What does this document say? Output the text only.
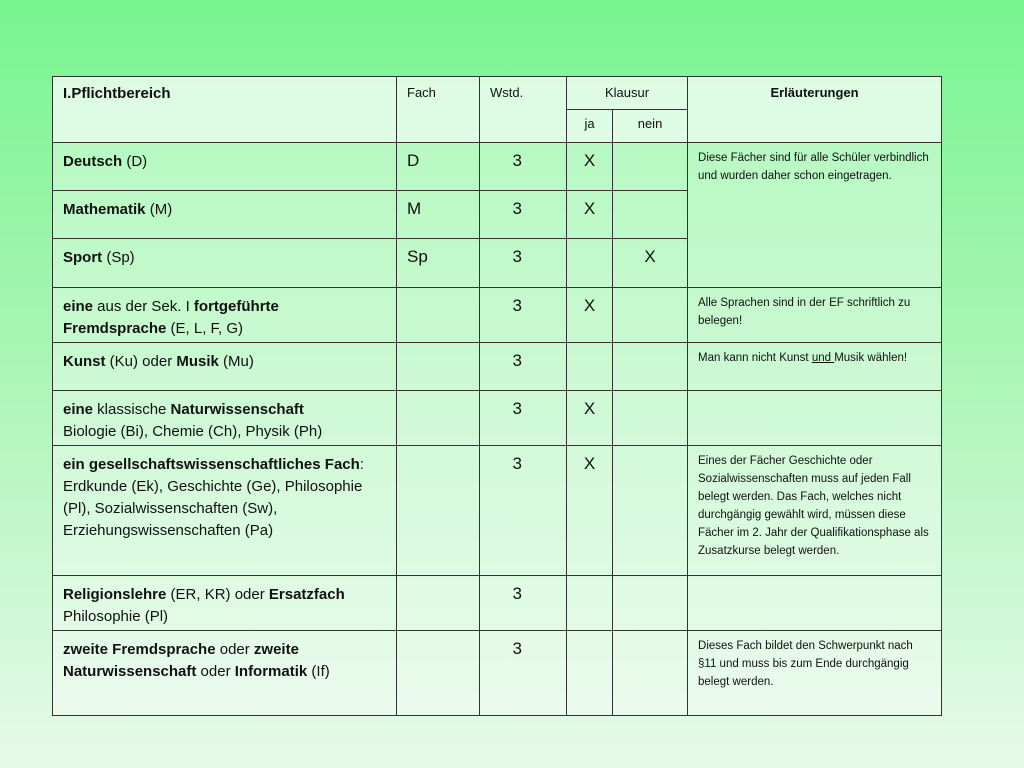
I.Pflichtbereich	Fach	Wstd.	Klausur		Erläuterungen
			ja	nein	
Deutsch (D)	D	3	X		Diese Fächer sind für alle Schüler verbindlich und wurden daher schon eingetragen.
Mathematik (M)	M	3	X		
Sport (Sp)	Sp	3		X	
eine aus der Sek. I fortgeführte
Fremdsprache (E, L, F, G)		3	X		Alle Sprachen sind in der EF schriftlich zu belegen!
Kunst (Ku) oder Musik (Mu)		3			Man kann nicht Kunst und Musik wählen!
eine klassische Naturwissenschaft
Biologie (Bi), Chemie (Ch), Physik (Ph)		3	X		
ein gesellschaftswissenschaftliches Fach: Erdkunde (Ek), Geschichte (Ge), Philosophie (Pl), Sozialwissenschaften (Sw), Erziehungswissenschaften (Pa)		3	X		Eines der Fächer Geschichte oder Sozialwissenschaften muss auf jeden Fall belegt werden. Das Fach, welches nicht durchgängig gewählt wird, müssen diese Fächer im 2. Jahr der Qualifikationsphase als Zusatzkurse belegt werden.
Religionslehre (ER, KR) oder Ersatzfach
Philosophie (Pl)		3			
zweite Fremdsprache oder zweite Naturwissenschaft oder Informatik (If)		3			Dieses Fach bildet den Schwerpunkt nach §11 und muss bis zum Ende durchgängig belegt werden.
